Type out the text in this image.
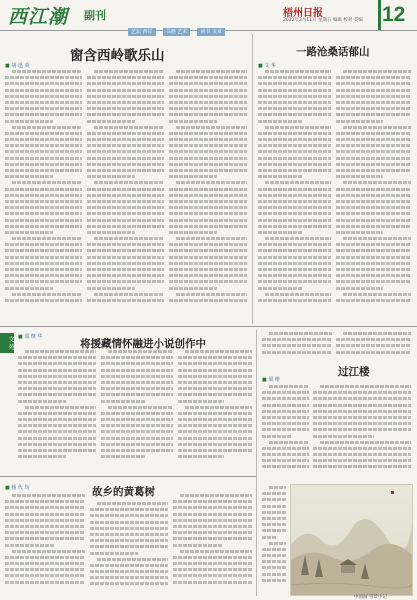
西江潮 副刊
艺坛 西岸	书画 艺术	读书 文章
梧州日报
2022年2月11日 星期五 编辑 校对 美编 12
窗含西岭歌乐山
■ 胡 迅 英
一路沧桑话郁山
■ 文 华
文 苑	将援藏情怀融进小说创作中
■ 周 继 华
过江楼
■ 梁 维
故乡的黄葛树
■ 杨 代 均
中国画 雪景小记
